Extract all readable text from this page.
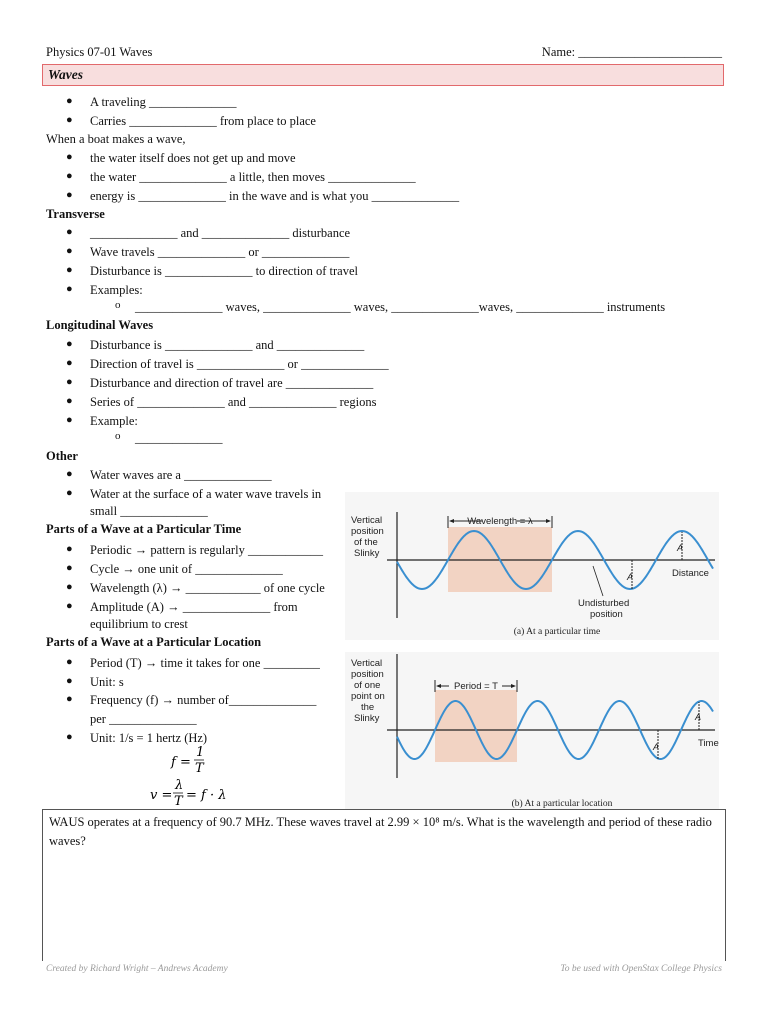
Physics 07-01 Waves	Name: _______________________
Waves
● A traveling ______________
● Carries ______________ from place to place
When a boat makes a wave,
● the water itself does not get up and move
● the water ______________ a little, then moves ______________
● energy is ______________ in the wave and is what you ______________
Transverse
● ______________ and ______________ disturbance
● Wave travels ______________ or ______________
● Disturbance is ______________ to direction of travel
● Examples:
o ______________ waves, ______________ waves, ______________waves, ______________ instruments
Longitudinal Waves
● Disturbance is ______________ and ______________
● Direction of travel is ______________ or ______________
● Disturbance and direction of travel are ______________
● Series of ______________ and ______________ regions
● Example:
o ______________
Other
● Water waves are a ______________
● Water at the surface of a water wave travels in
small ______________
Parts of a Wave at a Particular Time
● Periodic → pattern is regularly ____________
● Cycle → one unit of ______________
● Wavelength (λ) → ____________ of one cycle
● Amplitude (A) → ______________ from
equilibrium to crest
Parts of a Wave at a Particular Location
● Period (T) → time it takes for one _________
● Unit: s
● Frequency (f) → number of______________
per ______________
● Unit: 1/s = 1 hertz (Hz)
f =
1
T
v =
λ
T = f · λ
Vertical
position
of the
Slinky
Wavelength = λ
A
A
Distance
Undisturbed
position
(a) At a particular time
Vertical
position
of one
point on
the
Slinky
Period = T
A
A
Time
(b) At a particular location
WAUS operates at a frequency of 90.7 MHz. These waves travel at 2.99 × 10⁸ m/s. What is the wavelength and period of these radio waves?
Created by Richard Wright – Andrews Academy	To be used with OpenStax College Physics
